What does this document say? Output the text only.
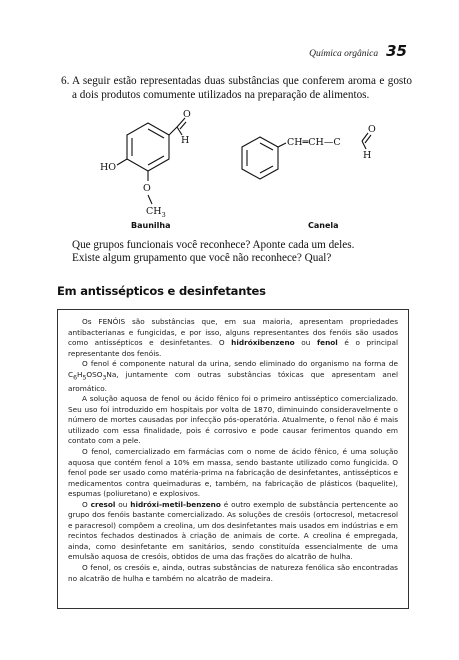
Química orgânica 35
6. A seguir estão representadas duas substâncias que conferem aroma e gosto a dois produtos comumente utilizados na preparação de alimentos.

O
H
HO
O
$CH_3$
CH═CH—C
O
H
Baunilha	Canela

Que grupos funcionais você reconhece? Aponte cada um deles.

Existe algum grupamento que você não reconhece? Qual?

Em antissépticos e desinfetantes

Os FENÓIS são substâncias que, em sua maioria, apresentam propriedades antibacterianas e fungicidas, e por isso, alguns representantes dos fenóis são usados como antissépticos e desinfetantes. O hidróxibenzeno ou fenol é o principal representante dos fenóis.

O fenol é componente natural da urina, sendo eliminado do organismo na forma de $C_6H_5OSO_3Na$, juntamente com outras substâncias tóxicas que apresentam anel aromático.

A solução aquosa de fenol ou ácido fênico foi o primeiro antisséptico comercializado. Seu uso foi introduzido em hospitais por volta de 1870, diminuindo consideravelmente o número de mortes causadas por infecção pós-operatória. Atualmente, o fenol não é mais utilizado com essa finalidade, pois é corrosivo e pode causar ferimentos quando em contato com a pele.

O fenol, comercializado em farmácias com o nome de ácido fênico, é uma solução aquosa que contém fenol a 10% em massa, sendo bastante utilizado como fungicida. O fenol pode ser usado como matéria-prima na fabricação de desinfetantes, antissépticos e medicamentos contra queimaduras e, também, na fabricação de plásticos (baquelite), espumas (poliuretano) e explosivos.

O cresol ou hidróxi-metil-benzeno é outro exemplo de substância pertencente ao grupo dos fenóis bastante comercializado. As soluções de cresóis (ortocresol, metacresol e paracresol) compõem a creolina, um dos desinfetantes mais usados em indústrias e em recintos fechados destinados à criação de animais de corte. A creolina é empregada, ainda, como desinfetante em sanitários, sendo constituída essencialmente de uma emulsão aquosa de cresóis, obtidos de uma das frações do alcatrão de hulha.

O fenol, os cresóis e, ainda, outras substâncias de natureza fenólica são encontradas no alcatrão de hulha e também no alcatrão de madeira.
